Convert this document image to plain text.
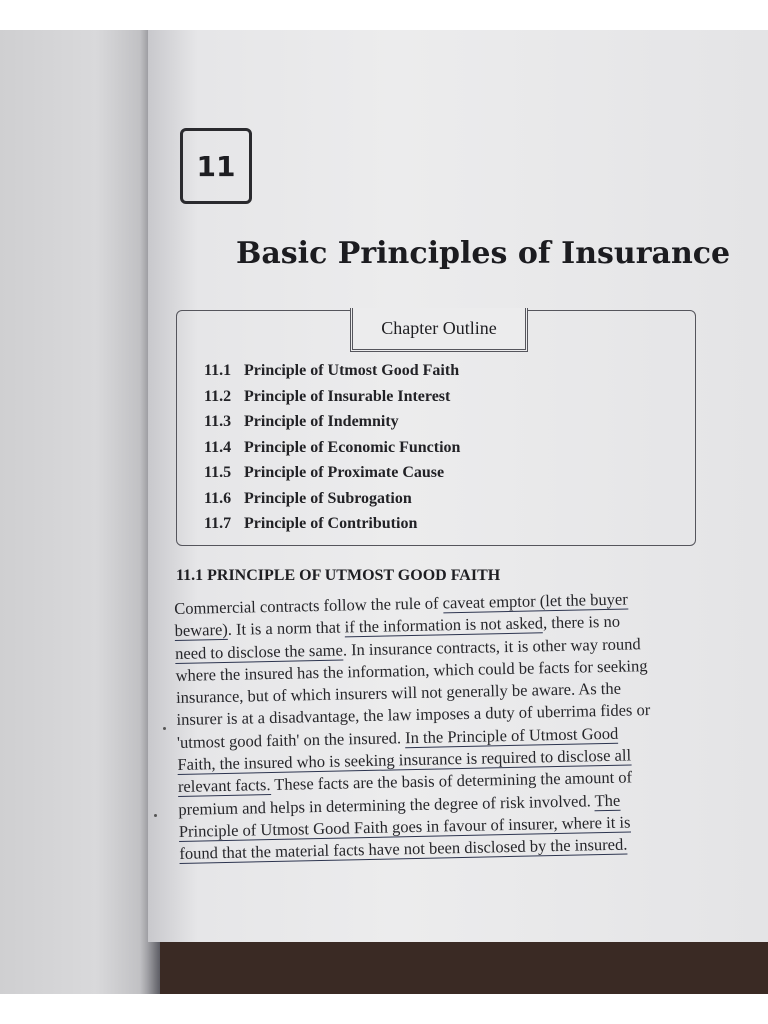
11
Basic Principles of Insurance
Chapter Outline
11.1 Principle of Utmost Good Faith
11.2 Principle of Insurable Interest
11.3 Principle of Indemnity
11.4 Principle of Economic Function
11.5 Principle of Proximate Cause
11.6 Principle of Subrogation
11.7 Principle of Contribution
11.1 PRINCIPLE OF UTMOST GOOD FAITH
Commercial contracts follow the rule of caveat emptor (let the buyer
beware). It is a norm that if the information is not asked, there is no
need to disclose the same. In insurance contracts, it is other way round
where the insured has the information, which could be facts for seeking
insurance, but of which insurers will not generally be aware. As the
insurer is at a disadvantage, the law imposes a duty of uberrima fides or
'utmost good faith' on the insured. In the Principle of Utmost Good
Faith, the insured who is seeking insurance is required to disclose all
relevant facts. These facts are the basis of determining the amount of
premium and helps in determining the degree of risk involved. The
Principle of Utmost Good Faith goes in favour of insurer, where it is
found that the material facts have not been disclosed by the insured.
